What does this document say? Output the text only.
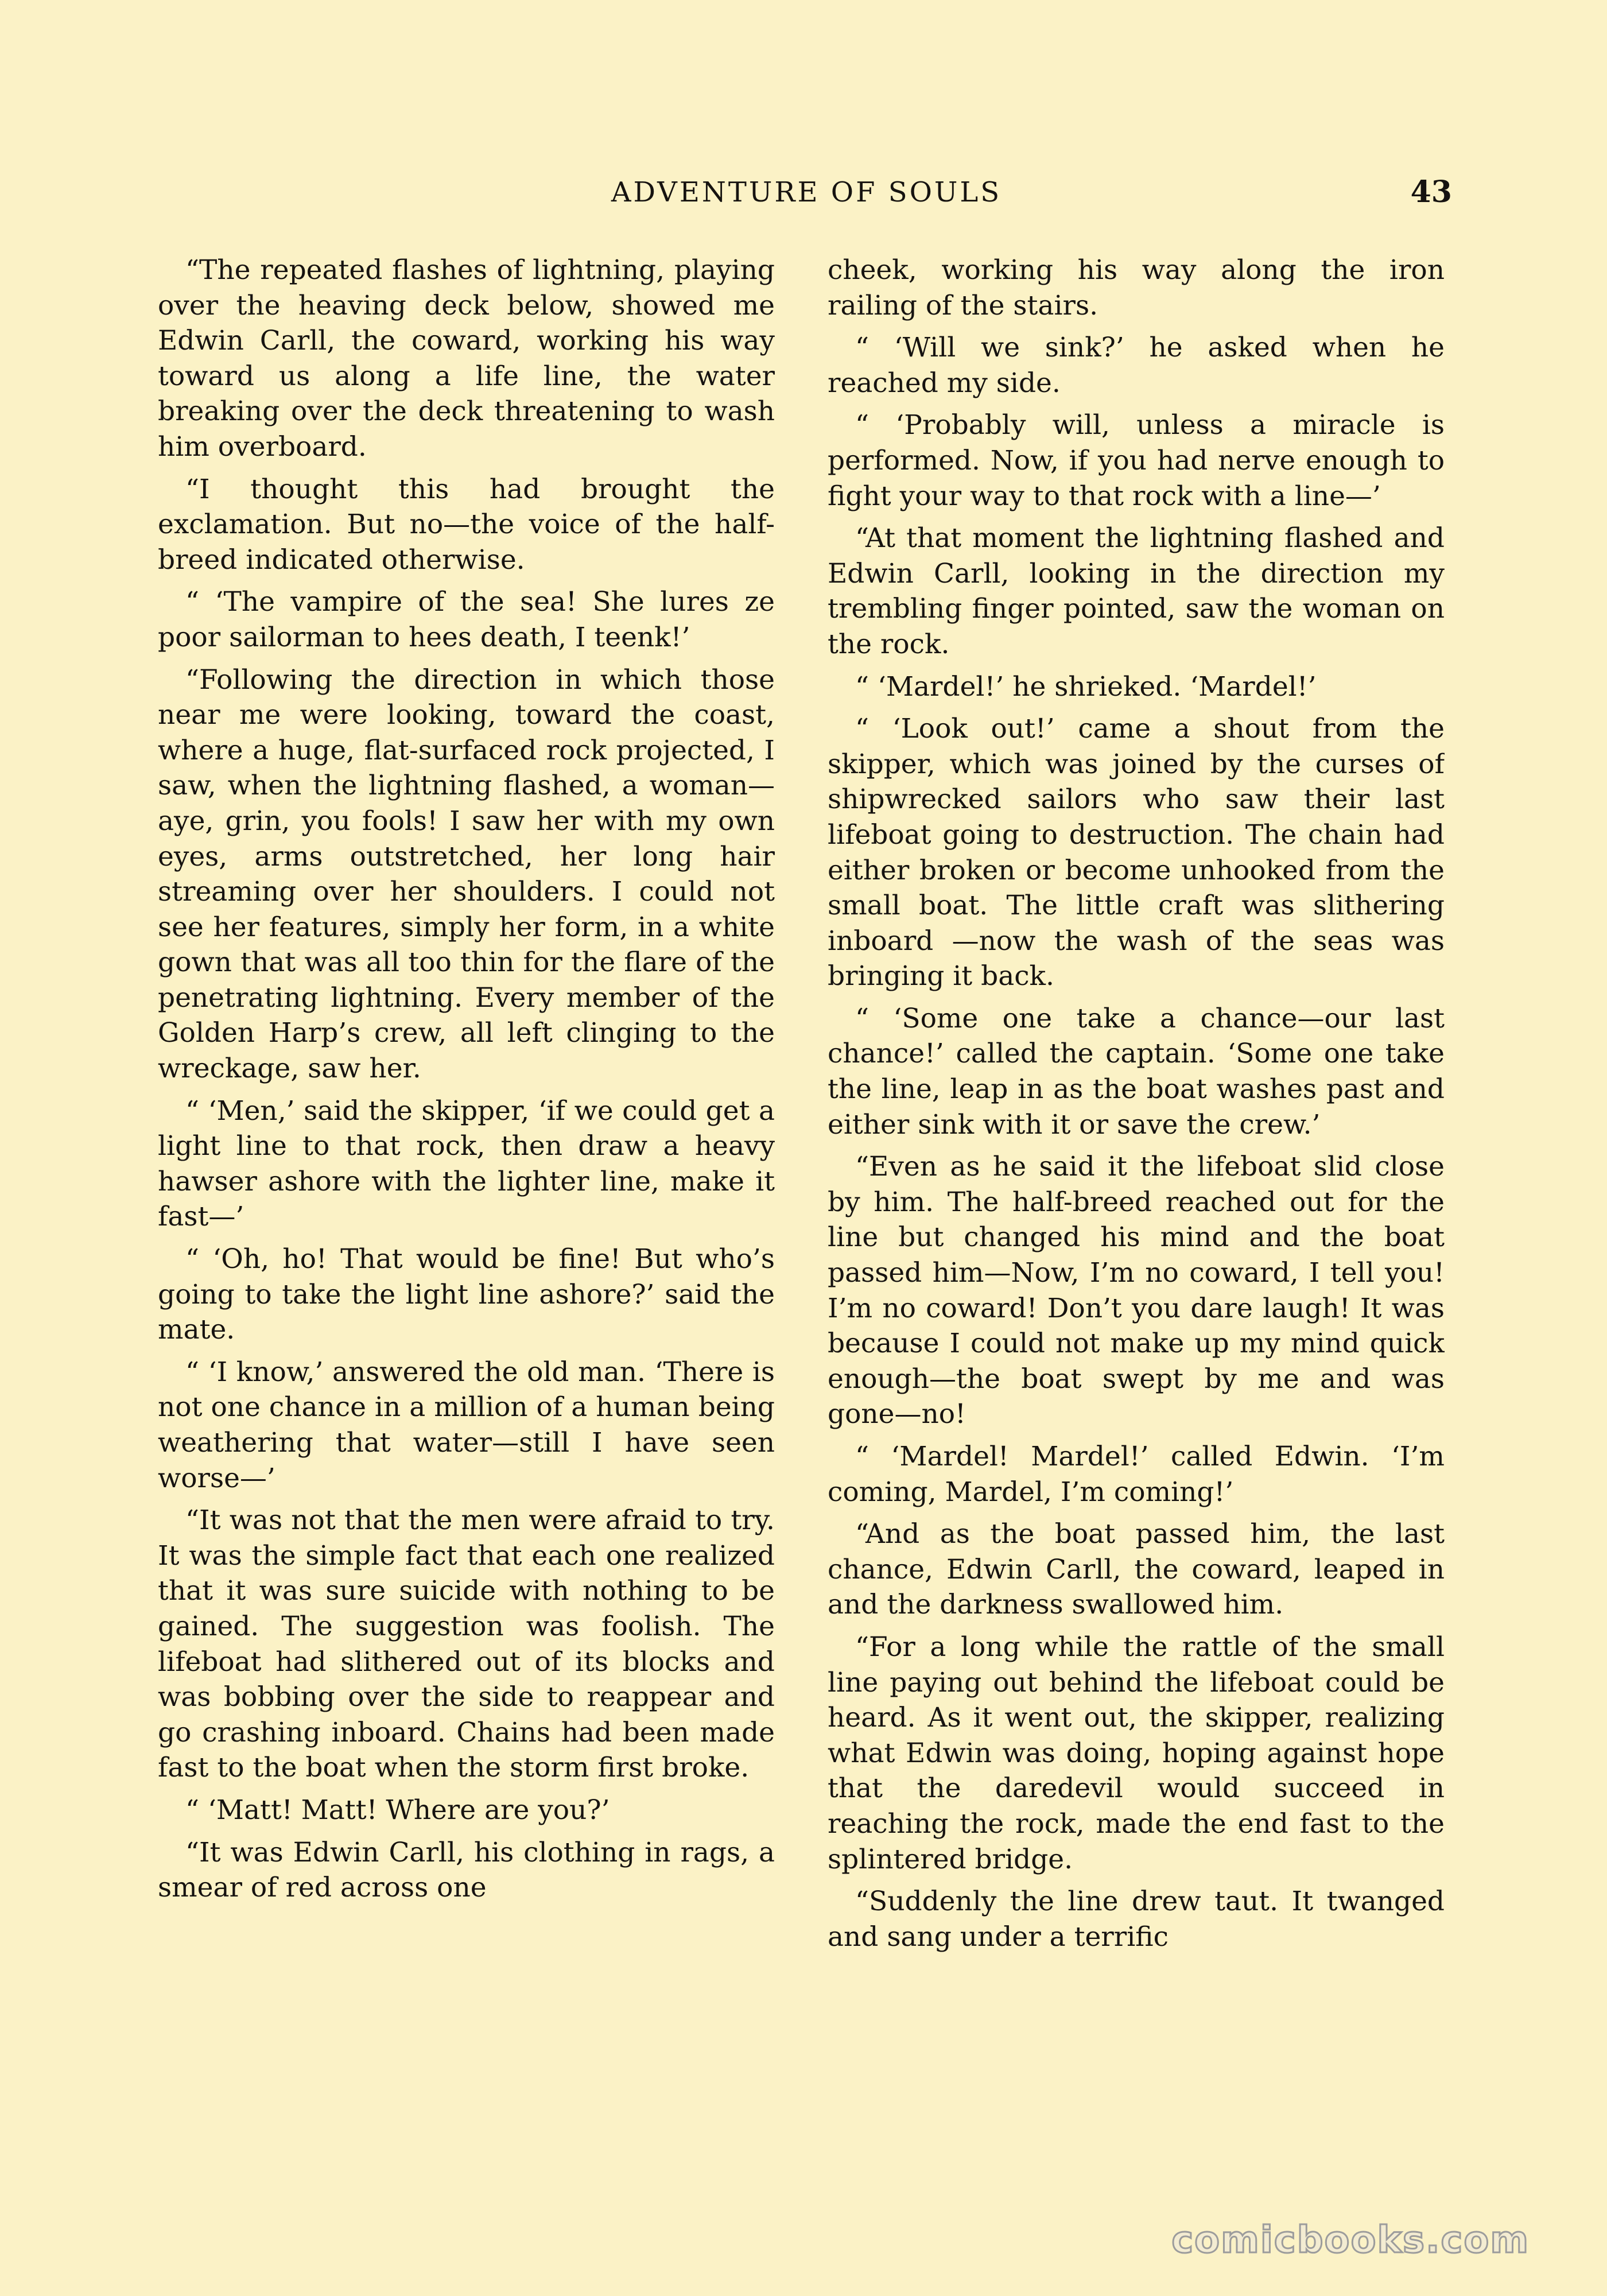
ADVENTURE OF SOULS	43

“The repeated flashes of lightning, playing over the heaving deck below, showed me Edwin Carll, the coward, working his way toward us along a life line, the water breaking over the deck threatening to wash him overboard.

“I thought this had brought the exclamation. But no—the voice of the half-breed indicated otherwise.

“ ‘The vampire of the sea! She lures ze poor sailorman to hees death, I teenk!’

“Following the direction in which those near me were looking, toward the coast, where a huge, flat-surfaced rock projected, I saw, when the lightning flashed, a woman—aye, grin, you fools! I saw her with my own eyes, arms outstretched, her long hair streaming over her shoulders. I could not see her features, simply her form, in a white gown that was all too thin for the flare of the penetrating lightning. Every member of the Golden Harp’s crew, all left clinging to the wreckage, saw her.

“ ‘Men,’ said the skipper, ‘if we could get a light line to that rock, then draw a heavy hawser ashore with the lighter line, make it fast—’

“ ‘Oh, ho! That would be fine! But who’s going to take the light line ashore?’ said the mate.

“ ‘I know,’ answered the old man. ‘There is not one chance in a million of a human being weathering that water—still I have seen worse—’

“It was not that the men were afraid to try. It was the simple fact that each one realized that it was sure suicide with nothing to be gained. The suggestion was foolish. The lifeboat had slithered out of its blocks and was bobbing over the side to reappear and go crashing inboard. Chains had been made fast to the boat when the storm first broke.

“ ‘Matt! Matt! Where are you?’

“It was Edwin Carll, his clothing in rags, a smear of red across one

cheek, working his way along the iron railing of the stairs.

“ ‘Will we sink?’ he asked when he reached my side.

“ ‘Probably will, unless a miracle is performed. Now, if you had nerve enough to fight your way to that rock with a line—’

“At that moment the lightning flashed and Edwin Carll, looking in the direction my trembling finger pointed, saw the woman on the rock.

“ ‘Mardel!’ he shrieked. ‘Mardel!’

“ ‘Look out!’ came a shout from the skipper, which was joined by the curses of shipwrecked sailors who saw their last lifeboat going to destruction. The chain had either broken or become unhooked from the small boat. The little craft was slithering inboard —now the wash of the seas was bringing it back.

“ ‘Some one take a chance—our last chance!’ called the captain. ‘Some one take the line, leap in as the boat washes past and either sink with it or save the crew.’

“Even as he said it the lifeboat slid close by him. The half-breed reached out for the line but changed his mind and the boat passed him—Now, I’m no coward, I tell you! I’m no coward! Don’t you dare laugh! It was because I could not make up my mind quick enough—the boat swept by me and was gone—no!

“ ‘Mardel! Mardel!’ called Edwin. ‘I’m coming, Mardel, I’m coming!’

“And as the boat passed him, the last chance, Edwin Carll, the coward, leaped in and the darkness swallowed him.

“For a long while the rattle of the small line paying out behind the lifeboat could be heard. As it went out, the skipper, realizing what Edwin was doing, hoping against hope that the daredevil would succeed in reaching the rock, made the end fast to the splintered bridge.

“Suddenly the line drew taut. It twanged and sang under a terrific

comicbooks.com
